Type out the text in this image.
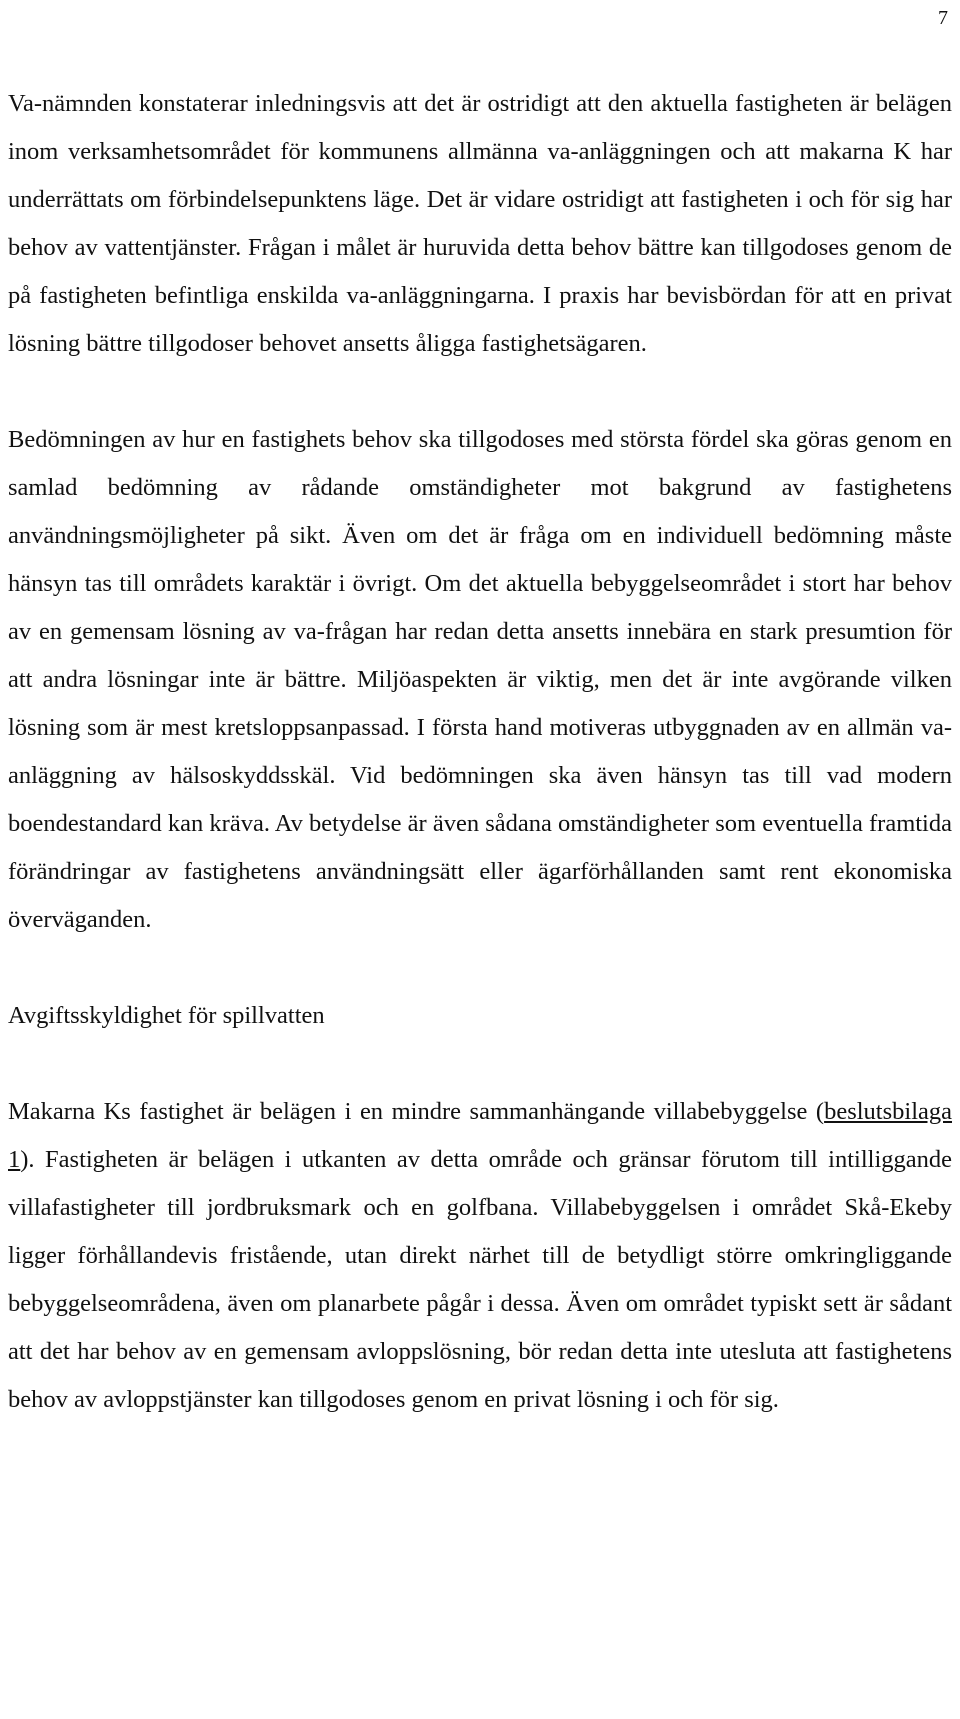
7

Va-nämnden konstaterar inledningsvis att det är ostridigt att den aktuella fastigheten är belägen inom verksamhetsområdet för kommunens allmänna va-anläggningen och att makarna K har underrättats om förbindelsepunktens läge. Det är vidare ostridigt att fastigheten i och för sig har behov av vattentjänster. Frågan i målet är huruvida detta behov bättre kan tillgodoses genom de på fastigheten befintliga enskilda va-anläggningarna. I praxis har bevisbördan för att en privat lösning bättre tillgodoser behovet ansetts åligga fastighetsägaren.

Bedömningen av hur en fastighets behov ska tillgodoses med största fördel ska göras genom en samlad bedömning av rådande omständigheter mot bakgrund av fastighetens användningsmöjligheter på sikt. Även om det är fråga om en individuell bedömning måste hänsyn tas till områdets karaktär i övrigt. Om det aktuella bebyggelseområdet i stort har behov av en gemensam lösning av va-frågan har redan detta ansetts innebära en stark presumtion för att andra lösningar inte är bättre. Miljöaspekten är viktig, men det är inte avgörande vilken lösning som är mest kretsloppsanpassad. I första hand motiveras utbyggnaden av en allmän va-anläggning av hälsoskyddsskäl. Vid bedömningen ska även hänsyn tas till vad modern boendestandard kan kräva. Av betydelse är även sådana omständigheter som eventuella framtida förändringar av fastighetens användningsätt eller ägarförhållanden samt rent ekonomiska överväganden.

Avgiftsskyldighet för spillvatten

Makarna Ks fastighet är belägen i en mindre sammanhängande villabebyggelse (beslutsbilaga 1). Fastigheten är belägen i utkanten av detta område och gränsar förutom till intilliggande villafastigheter till jordbruksmark och en golfbana. Villabebyggelsen i området Skå-Ekeby ligger förhållandevis fristående, utan direkt närhet till de betydligt större omkringliggande bebyggelseområdena, även om planarbete pågår i dessa. Även om området typiskt sett är sådant att det har behov av en gemensam avloppslösning, bör redan detta inte utesluta att fastighetens behov av avloppstjänster kan tillgodoses genom en privat lösning i och för sig.
